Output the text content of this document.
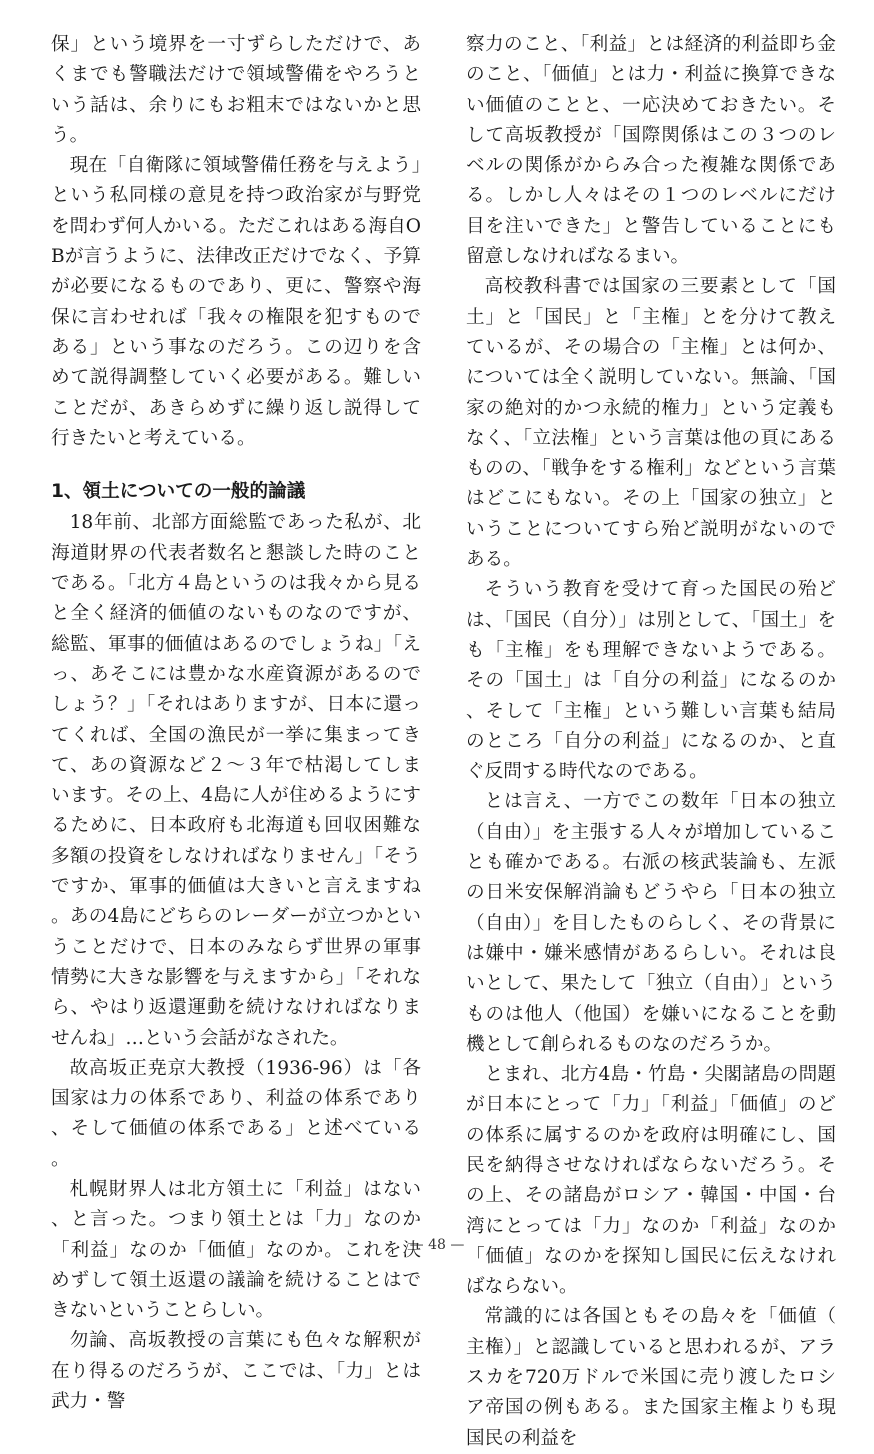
保」という境界を一寸ずらしただけで、あくまでも警職法だけで領域警備をやろうという話は、余りにもお粗末ではないかと思う。

現在「自衛隊に領域警備任務を与えよう」という私同様の意見を持つ政治家が与野党を問わず何人かいる。ただこれはある海自OBが言うように、法律改正だけでなく、予算が必要になるものであり、更に、警察や海保に言わせれば「我々の権限を犯すものである」という事なのだろう。この辺りを含めて説得調整していく必要がある。難しいことだが、あきらめずに繰り返し説得して行きたいと考えている。

1、領土についての一般的論議

18年前、北部方面総監であった私が、北海道財界の代表者数名と懇談した時のことである。「北方４島というのは我々から見ると全く経済的価値のないものなのですが、総監、軍事的価値はあるのでしょうね」「えっ、あそこには豊かな水産資源があるのでしょう？」「それはありますが、日本に還ってくれば、全国の漁民が一挙に集まってきて、あの資源など２〜３年で枯渇してしまいます。その上、4島に人が住めるようにするために、日本政府も北海道も回収困難な多額の投資をしなければなりません」「そうですか、軍事的価値は大きいと言えますね。あの4島にどちらのレーダーが立つかということだけで、日本のみならず世界の軍事情勢に大きな影響を与えますから」「それなら、やはり返還運動を続けなければなりませんね」…という会話がなされた。

故高坂正尭京大教授（1936-96）は「各国家は力の体系であり、利益の体系であり、そして価値の体系である」と述べている。

札幌財界人は北方領土に「利益」はない、と言った。つまり領土とは「力」なのか「利益」なのか「価値」なのか。これを決めずして領土返還の議論を続けることはできないということらしい。

勿論、高坂教授の言葉にも色々な解釈が在り得るのだろうが、ここでは、「力」とは武力・警

察力のこと、「利益」とは経済的利益即ち金のこと、「価値」とは力・利益に換算できない価値のことと、一応決めておきたい。そして高坂教授が「国際関係はこの３つのレベルの関係がからみ合った複雑な関係である。しかし人々はその１つのレベルにだけ目を注いできた」と警告していることにも留意しなければなるまい。

高校教科書では国家の三要素として「国土」と「国民」と「主権」とを分けて教えているが、その場合の「主権」とは何か、については全く説明していない。無論、「国家の絶対的かつ永続的権力」という定義もなく、「立法権」という言葉は他の頁にあるものの、「戦争をする権利」などという言葉はどこにもない。その上「国家の独立」ということについてすら殆ど説明がないのである。

そういう教育を受けて育った国民の殆どは、「国民（自分）」は別として、「国土」をも「主権」をも理解できないようである。その「国土」は「自分の利益」になるのか、そして「主権」という難しい言葉も結局のところ「自分の利益」になるのか、と直ぐ反問する時代なのである。

とは言え、一方でこの数年「日本の独立（自由）」を主張する人々が増加していることも確かである。右派の核武装論も、左派の日米安保解消論もどうやら「日本の独立（自由）」を目したものらしく、その背景には嫌中・嫌米感情があるらしい。それは良いとして、果たして「独立（自由）」というものは他人（他国）を嫌いになることを動機として創られるものなのだろうか。

とまれ、北方4島・竹島・尖閣諸島の問題が日本にとって「力」「利益」「価値」のどの体系に属するのかを政府は明確にし、国民を納得させなければならないだろう。その上、その諸島がロシア・韓国・中国・台湾にとっては「力」なのか「利益」なのか「価値」なのかを探知し国民に伝えなければならない。

常識的には各国ともその島々を「価値（主権）」と認識していると思われるが、アラスカを720万ドルで米国に売り渡したロシア帝国の例もある。また国家主権よりも現国民の利益を

— 48 —
